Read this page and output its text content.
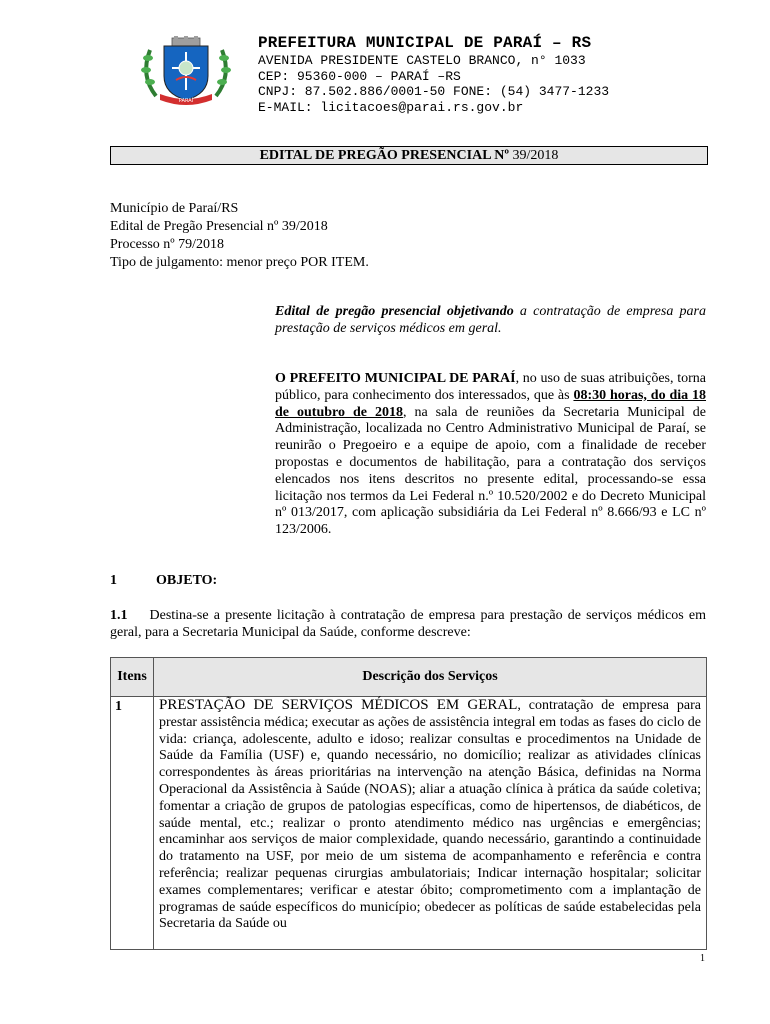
PARAÍ
PREFEITURA MUNICIPAL DE PARAÍ – RS
AVENIDA PRESIDENTE CASTELO BRANCO, n° 1033
CEP: 95360-000 – PARAÍ –RS
CNPJ: 87.502.886/0001-50 FONE: (54) 3477-1233
E-MAIL: licitacoes@parai.rs.gov.br
EDITAL DE PREGÃO PRESENCIAL Nº 39/2018
Município de Paraí/RS
Edital de Pregão Presencial nº 39/2018
Processo nº 79/2018
Tipo de julgamento: menor preço POR ITEM.
Edital de pregão presencial objetivando a contratação de empresa para prestação de serviços médicos em geral.
O PREFEITO MUNICIPAL DE PARAÍ, no uso de suas atribuições, torna público, para conhecimento dos interessados, que às 08:30 horas, do dia 18 de outubro de 2018, na sala de reuniões da Secretaria Municipal de Administração, localizada no Centro Administrativo Municipal de Paraí, se reunirão o Pregoeiro e a equipe de apoio, com a finalidade de receber propostas e documentos de habilitação, para a contratação dos serviços elencados nos itens descritos no presente edital, processando-se essa licitação nos termos da Lei Federal n.º 10.520/2002 e do Decreto Municipal nº 013/2017, com aplicação subsidiária da Lei Federal nº 8.666/93 e LC nº 123/2006.
1	OBJETO:
1.1 Destina-se a presente licitação à contratação de empresa para prestação de serviços médicos em geral, para a Secretaria Municipal da Saúde, conforme descreve:
Itens	Descrição dos Serviços
1	PRESTAÇÃO DE SERVIÇOS MÉDICOS EM GERAL, contratação de empresa para prestar assistência médica; executar as ações de assistência integral em todas as fases do ciclo de vida: criança, adolescente, adulto e idoso; realizar consultas e procedimentos na Unidade de Saúde da Família (USF) e, quando necessário, no domicílio; realizar as atividades clínicas correspondentes às áreas prioritárias na intervenção na atenção Básica, definidas na Norma Operacional da Assistência à Saúde (NOAS); aliar a atuação clínica à prática da saúde coletiva; fomentar a criação de grupos de patologias específicas, como de hipertensos, de diabéticos, de saúde mental, etc.; realizar o pronto atendimento médico nas urgências e emergências; encaminhar aos serviços de maior complexidade, quando necessário, garantindo a continuidade do tratamento na USF, por meio de um sistema de acompanhamento e referência e contra referência; realizar pequenas cirurgias ambulatoriais; Indicar internação hospitalar; solicitar exames complementares; verificar e atestar óbito; comprometimento com a implantação de programas de saúde específicos do município; obedecer as políticas de saúde estabelecidas pela Secretaria da Saúde ou
1
